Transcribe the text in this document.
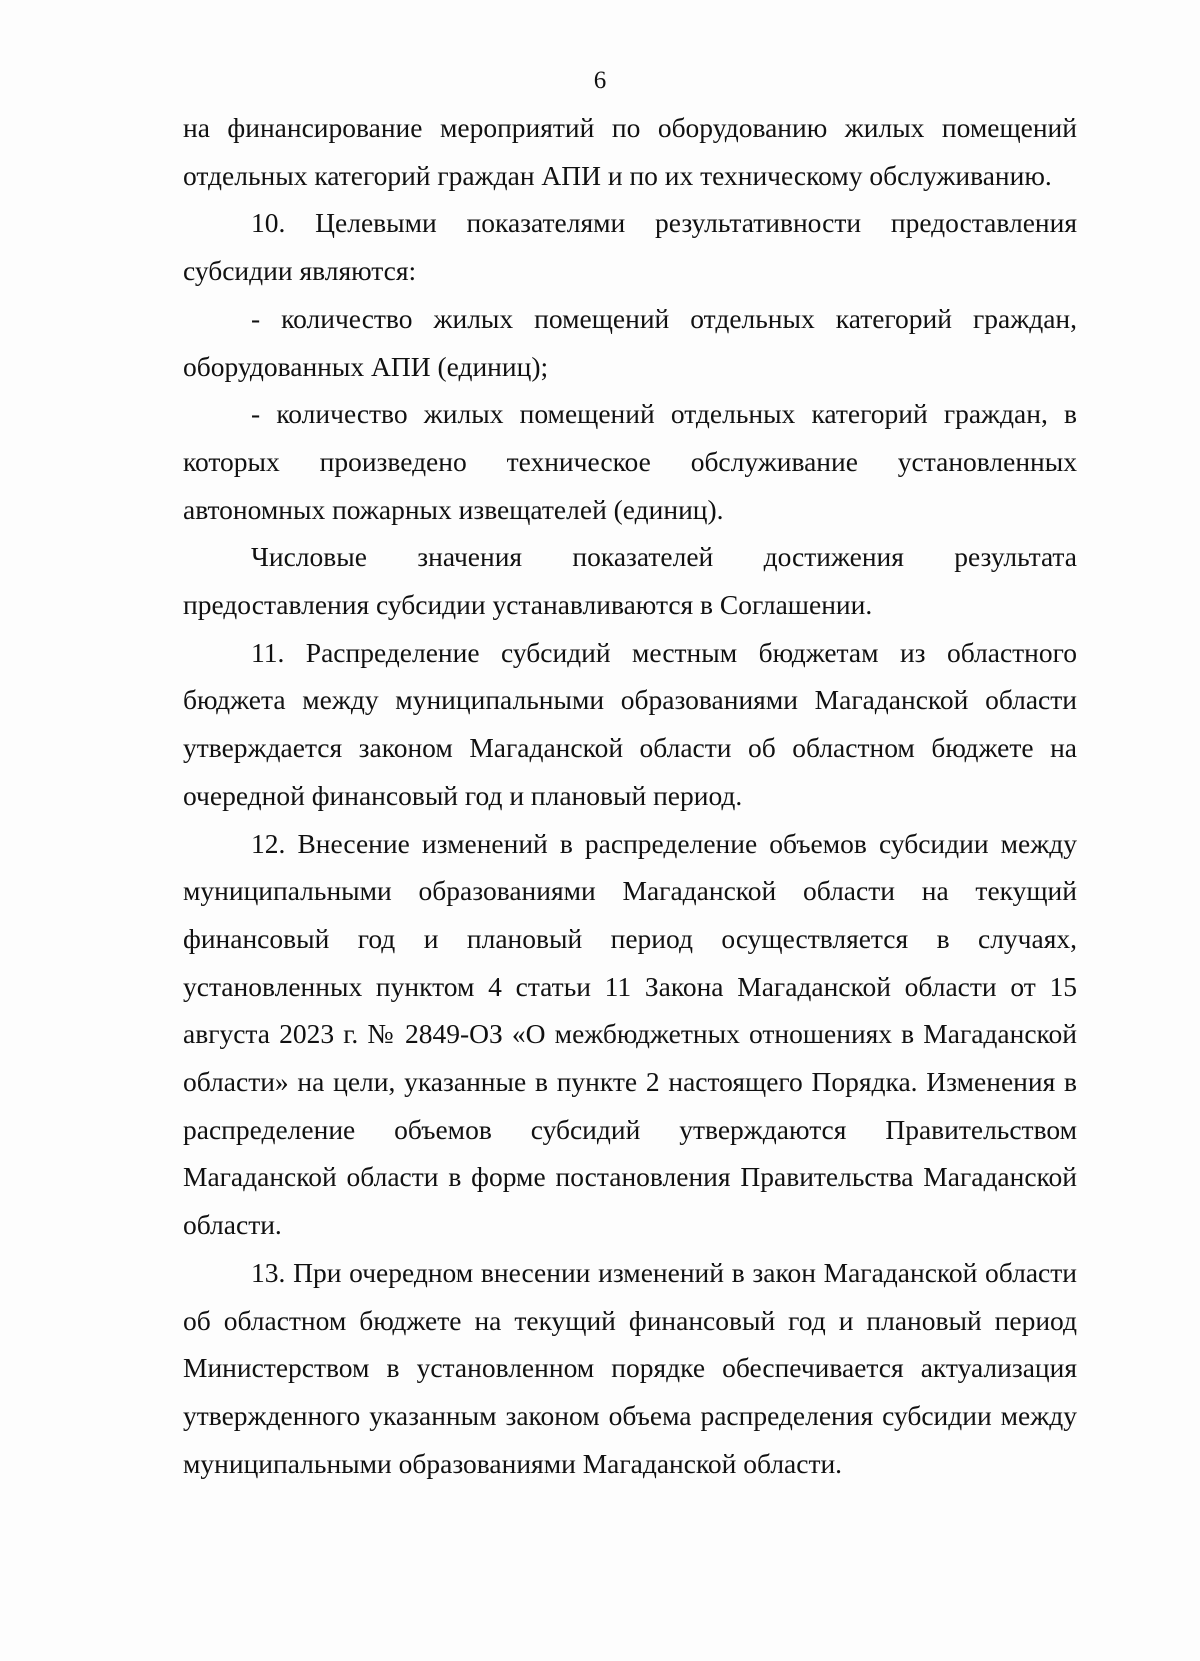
6

на финансирование мероприятий по оборудованию жилых помещений отдельных категорий граждан АПИ и по их техническому обслуживанию.

10. Целевыми показателями результативности предоставления субсидии являются:

- количество жилых помещений отдельных категорий граждан, оборудованных АПИ (единиц);

- количество жилых помещений отдельных категорий граждан, в которых произведено техническое обслуживание установленных автономных пожарных извещателей (единиц).

Числовые значения показателей достижения результата предоставления субсидии устанавливаются в Соглашении.

11. Распределение субсидий местным бюджетам из областного бюджета между муниципальными образованиями Магаданской области утверждается законом Магаданской области об областном бюджете на очередной финансовый год и плановый период.

12. Внесение изменений в распределение объемов субсидии между муниципальными образованиями Магаданской области на текущий финансовый год и плановый период осуществляется в случаях, установленных пунктом 4 статьи 11 Закона Магаданской области от 15 августа 2023 г. № 2849-ОЗ «О межбюджетных отношениях в Магаданской области» на цели, указанные в пункте 2 настоящего Порядка. Изменения в распределение объемов субсидий утверждаются Правительством Магаданской области в форме постановления Правительства Магаданской области.

13. При очередном внесении изменений в закон Магаданской области об областном бюджете на текущий финансовый год и плановый период Министерством в установленном порядке обеспечивается актуализация утвержденного указанным законом объема распределения субсидии между муниципальными образованиями Магаданской области.
